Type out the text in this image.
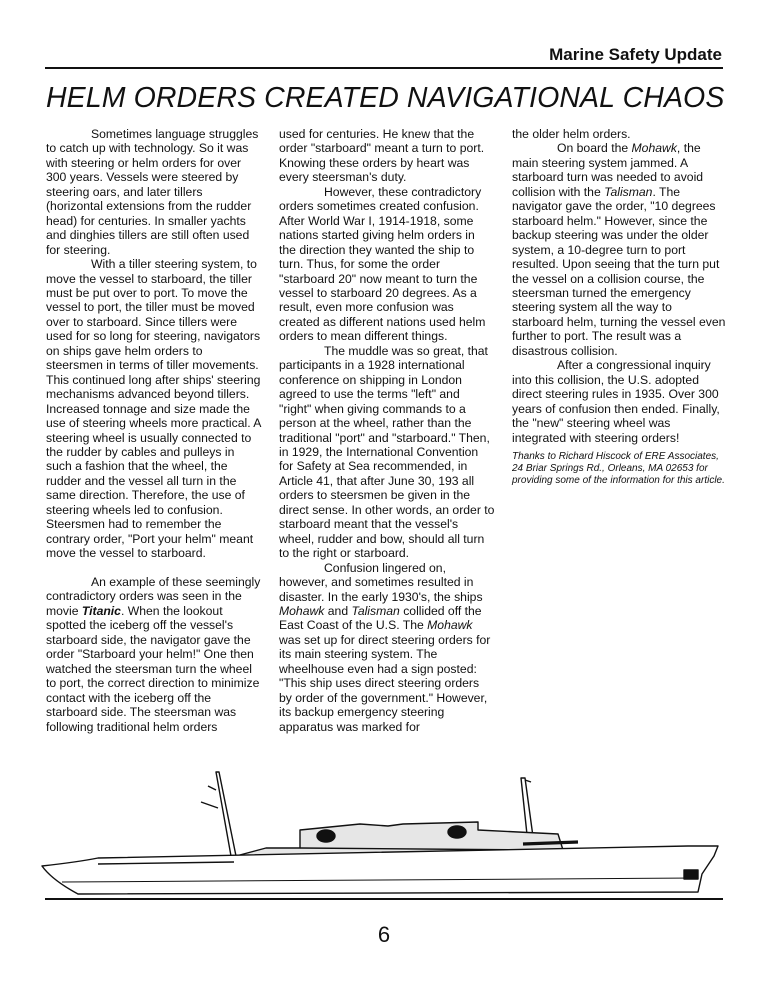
Marine Safety Update
HELM ORDERS CREATED NAVIGATIONAL CHAOS

Sometimes language struggles to catch up with technology. So it was with steering or helm orders for over 300 years. Vessels were steered by steering oars, and later tillers (horizontal extensions from the rudder head) for centuries. In smaller yachts and dinghies tillers are still often used for steering.

With a tiller steering system, to move the vessel to starboard, the tiller must be put over to port. To move the vessel to port, the tiller must be moved over to starboard. Since tillers were used for so long for steering, navigators on ships gave helm orders to steersmen in terms of tiller movements. This continued long after ships' steering mechanisms advanced beyond tillers. Increased tonnage and size made the use of steering wheels more practical. A steering wheel is usually connected to the rudder by cables and pulleys in such a fashion that the wheel, the rudder and the vessel all turn in the same direction. Therefore, the use of steering wheels led to confusion. Steersmen had to remember the contrary order, "Port your helm" meant move the vessel to starboard.

An example of these seemingly contradictory orders was seen in the movie Titanic. When the lookout spotted the iceberg off the vessel's starboard side, the navigator gave the order "Starboard your helm!" One then watched the steersman turn the wheel to port, the correct direction to minimize contact with the iceberg off the starboard side. The steersman was following traditional helm orders

used for centuries. He knew that the order "starboard" meant a turn to port. Knowing these orders by heart was every steersman's duty.

However, these contradictory orders sometimes created confusion. After World War I, 1914-1918, some nations started giving helm orders in the direction they wanted the ship to turn. Thus, for some the order "starboard 20" now meant to turn the vessel to starboard 20 degrees. As a result, even more confusion was created as different nations used helm orders to mean different things.

The muddle was so great, that participants in a 1928 international conference on shipping in London agreed to use the terms "left" and "right" when giving commands to a person at the wheel, rather than the traditional "port" and "starboard." Then, in 1929, the International Convention for Safety at Sea recommended, in Article 41, that after June 30, 193 all orders to steersmen be given in the direct sense. In other words, an order to starboard meant that the vessel's wheel, rudder and bow, should all turn to the right or starboard.

Confusion lingered on, however, and sometimes resulted in disaster. In the early 1930's, the ships Mohawk and Talisman collided off the East Coast of the U.S. The Mohawk was set up for direct steering orders for its main steering system. The wheelhouse even had a sign posted: "This ship uses direct steering orders by order of the government." However, its backup emergency steering apparatus was marked for

the older helm orders.

On board the Mohawk, the main steering system jammed. A starboard turn was needed to avoid collision with the Talisman. The navigator gave the order, "10 degrees starboard helm." However, since the backup steering was under the older system, a 10-degree turn to port resulted. Upon seeing that the turn put the vessel on a collision course, the steersman turned the emergency steering system all the way to starboard helm, turning the vessel even further to port. The result was a disastrous collision.

After a congressional inquiry into this collision, the U.S. adopted direct steering rules in 1935. Over 300 years of confusion then ended. Finally, the "new" steering wheel was integrated with steering orders!

Thanks to Richard Hiscock of ERE Associates, 24 Briar Springs Rd., Orleans, MA 02653 for providing some of the information for this article.

6
